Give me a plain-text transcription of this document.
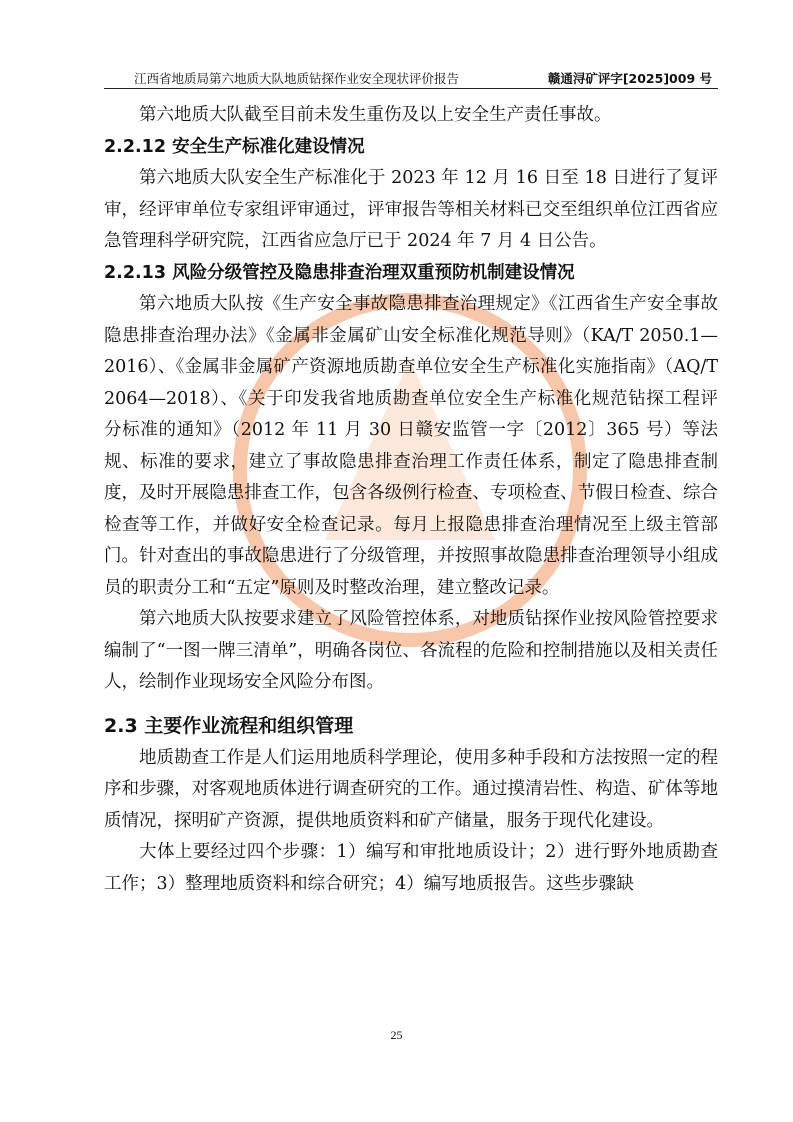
江西省地质局第六地质大队地质钻探作业安全现状评价报告	赣通浔矿评字[2025]009 号

第六地质大队截至目前未发生重伤及以上安全生产责任事故。

2.2.12 安全生产标准化建设情况

第六地质大队安全生产标准化于 2023 年 12 月 16 日至 18 日进行了复评审，经评审单位专家组评审通过，评审报告等相关材料已交至组织单位江西省应急管理科学研究院，江西省应急厅已于 2024 年 7 月 4 日公告。

2.2.13 风险分级管控及隐患排查治理双重预防机制建设情况

第六地质大队按《生产安全事故隐患排查治理规定》《江西省生产安全事故隐患排查治理办法》《金属非金属矿山安全标准化规范导则》（KA/T 2050.1—2016）、《金属非金属矿产资源地质勘查单位安全生产标准化实施指南》（AQ/T 2064—2018）、《关于印发我省地质勘查单位安全生产标准化规范钻探工程评分标准的通知》（2012 年 11 月 30 日赣安监管一字〔2012〕365 号）等法规、标准的要求，建立了事故隐患排查治理工作责任体系，制定了隐患排查制度，及时开展隐患排查工作，包含各级例行检查、专项检查、节假日检查、综合检查等工作，并做好安全检查记录。每月上报隐患排查治理情况至上级主管部门。针对查出的事故隐患进行了分级管理，并按照事故隐患排查治理领导小组成员的职责分工和“五定”原则及时整改治理，建立整改记录。

第六地质大队按要求建立了风险管控体系，对地质钻探作业按风险管控要求编制了“一图一牌三清单”，明确各岗位、各流程的危险和控制措施以及相关责任人，绘制作业现场安全风险分布图。

2.3 主要作业流程和组织管理

地质勘查工作是人们运用地质科学理论，使用多种手段和方法按照一定的程序和步骤，对客观地质体进行调查研究的工作。通过摸清岩性、构造、矿体等地质情况，探明矿产资源，提供地质资料和矿产储量，服务于现代化建设。

大体上要经过四个步骤：1）编写和审批地质设计；2）进行野外地质勘查工作；3）整理地质资料和综合研究；4）编写地质报告。这些步骤缺

25
